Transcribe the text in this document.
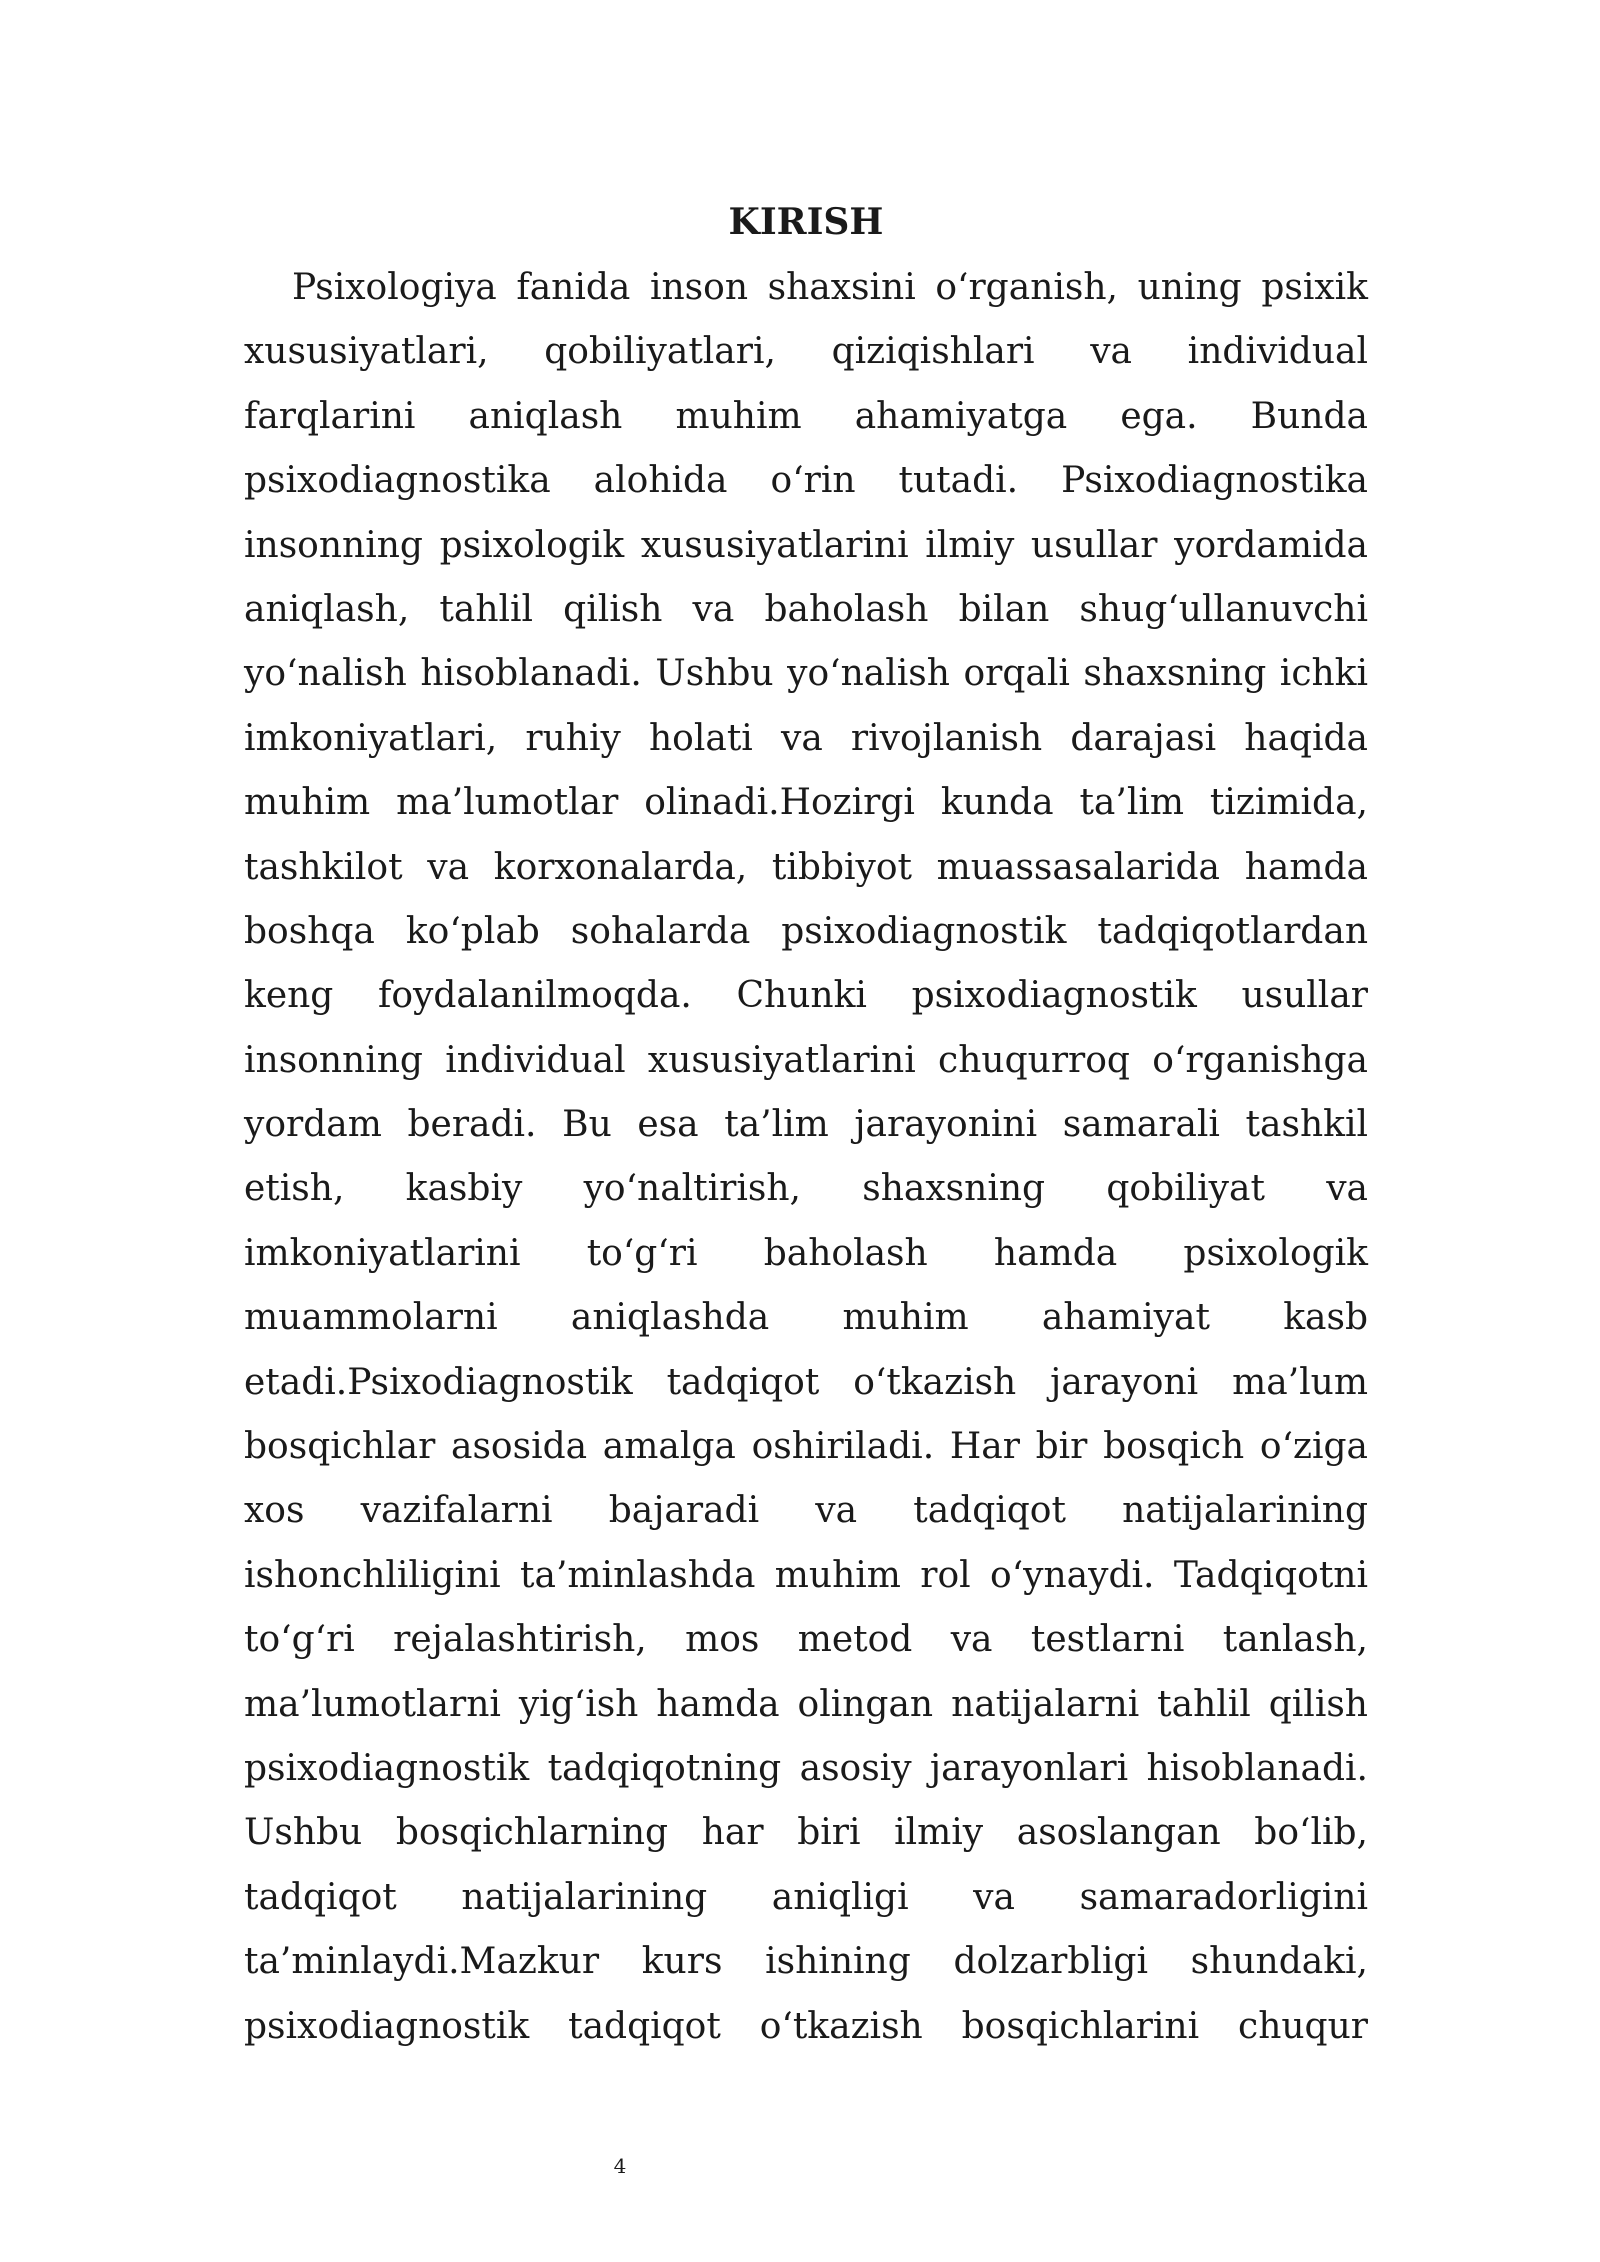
KIRISH
Psixologiya fanida inson shaxsini o‘rganish, uning psixik
xususiyatlari, qobiliyatlari, qiziqishlari va individual
farqlarini aniqlash muhim ahamiyatga ega. Bunda
psixodiagnostika alohida o‘rin tutadi. Psixodiagnostika
insonning psixologik xususiyatlarini ilmiy usullar yordamida
aniqlash, tahlil qilish va baholash bilan shug‘ullanuvchi
yo‘nalish hisoblanadi. Ushbu yo‘nalish orqali shaxsning ichki
imkoniyatlari, ruhiy holati va rivojlanish darajasi haqida
muhim ma’lumotlar olinadi.Hozirgi kunda ta’lim tizimida,
tashkilot va korxonalarda, tibbiyot muassasalarida hamda
boshqa ko‘plab sohalarda psixodiagnostik tadqiqotlardan
keng foydalanilmoqda. Chunki psixodiagnostik usullar
insonning individual xususiyatlarini chuqurroq o‘rganishga
yordam beradi. Bu esa ta’lim jarayonini samarali tashkil
etish, kasbiy yo‘naltirish, shaxsning qobiliyat va
imkoniyatlarini to‘g‘ri baholash hamda psixologik
muammolarni aniqlashda muhim ahamiyat kasb
etadi.Psixodiagnostik tadqiqot o‘tkazish jarayoni ma’lum
bosqichlar asosida amalga oshiriladi. Har bir bosqich o‘ziga
xos vazifalarni bajaradi va tadqiqot natijalarining
ishonchliligini ta’minlashda muhim rol o‘ynaydi. Tadqiqotni
to‘g‘ri rejalashtirish, mos metod va testlarni tanlash,
ma’lumotlarni yig‘ish hamda olingan natijalarni tahlil qilish
psixodiagnostik tadqiqotning asosiy jarayonlari hisoblanadi.
Ushbu bosqichlarning har biri ilmiy asoslangan bo‘lib,
tadqiqot natijalarining aniqligi va samaradorligini
ta’minlaydi.Mazkur kurs ishining dolzarbligi shundaki,
psixodiagnostik tadqiqot o‘tkazish bosqichlarini chuqur
4
